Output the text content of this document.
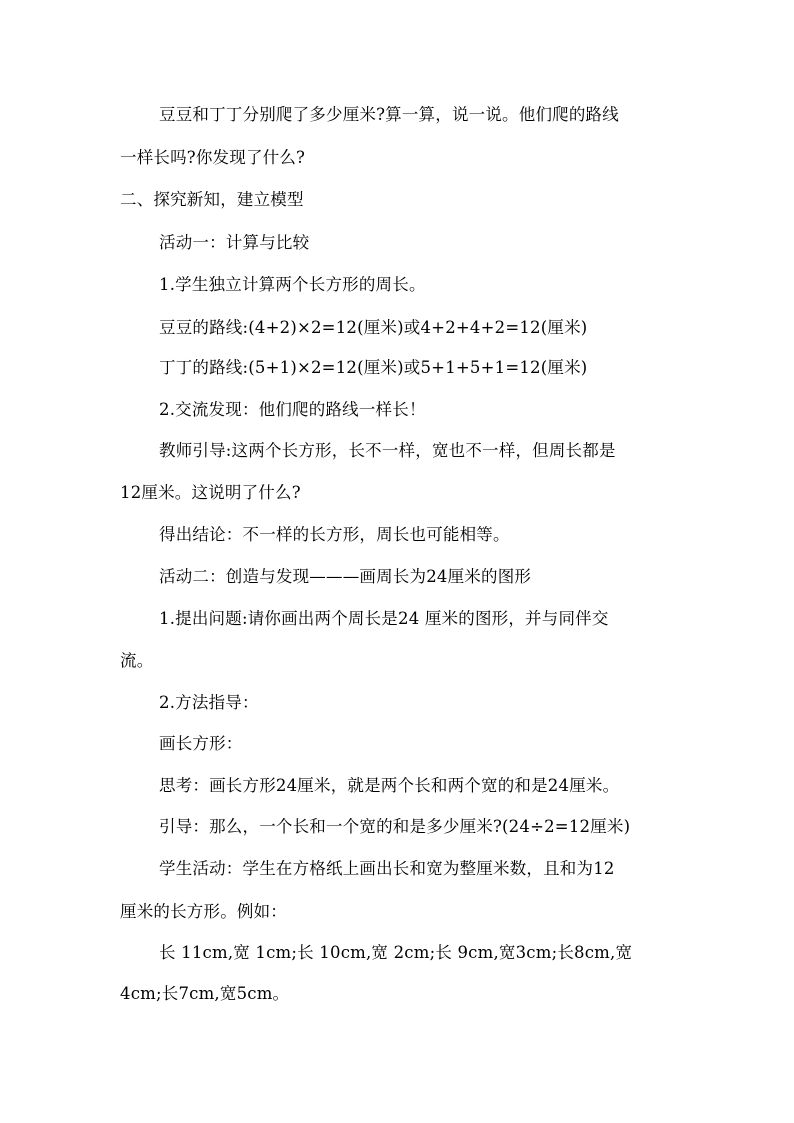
豆豆和丁丁分别爬了多少厘米?算一算，说一说。他们爬的路线
一样长吗?你发现了什么?
二、探究新知，建立模型
活动一：计算与比较
1.学生独立计算两个长方形的周长。
豆豆的路线:(4+2)×2=12(厘米)或4+2+4+2=12(厘米)
丁丁的路线:(5+1)×2=12(厘米)或5+1+5+1=12(厘米)
2.交流发现：他们爬的路线一样长！
教师引导:这两个长方形，长不一样，宽也不一样，但周长都是
12厘米。这说明了什么?
得出结论：不一样的长方形，周长也可能相等。
活动二：创造与发现———画周长为24厘米的图形
1.提出问题:请你画出两个周长是24 厘米的图形，并与同伴交
流。
2.方法指导：
画长方形：
思考：画长方形24厘米，就是两个长和两个宽的和是24厘米。
引导：那么，一个长和一个宽的和是多少厘米?(24÷2=12厘米)
学生活动：学生在方格纸上画出长和宽为整厘米数，且和为12
厘米的长方形。例如：
长 11cm,宽 1cm;长 10cm,宽 2cm;长 9cm,宽3cm;长8cm,宽
4cm;长7cm,宽5cm。
